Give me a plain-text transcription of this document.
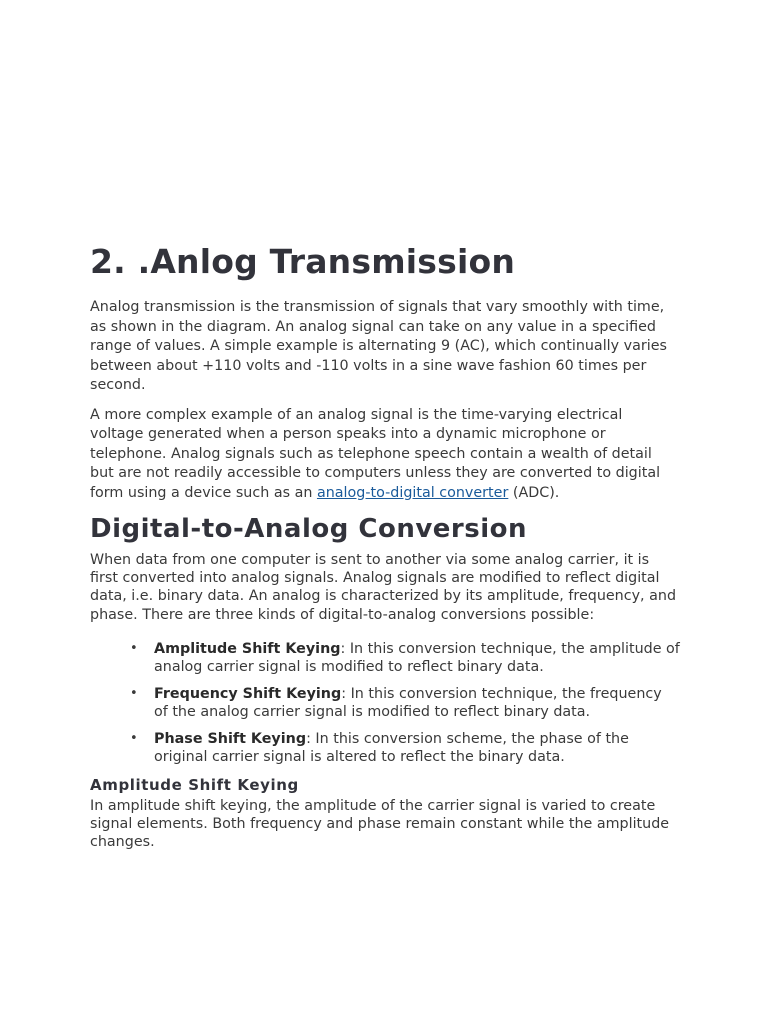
2. .Anlog Transmission

Analog transmission is the transmission of signals that vary smoothly with time, as shown in the diagram. An analog signal can take on any value in a specified range of values. A simple example is alternating 9 (AC), which continually varies between about +110 volts and -110 volts in a sine wave fashion 60 times per second.

A more complex example of an analog signal is the time-varying electrical voltage generated when a person speaks into a dynamic microphone or telephone. Analog signals such as telephone speech contain a wealth of detail but are not readily accessible to computers unless they are converted to digital form using a device such as an analog-to-digital converter (ADC).

Digital-to-Analog Conversion

When data from one computer is sent to another via some analog carrier, it is first converted into analog signals. Analog signals are modified to reflect digital data, i.e. binary data. An analog is characterized by its amplitude, frequency, and phase. There are three kinds of digital-to-analog conversions possible:

• Amplitude Shift Keying: In this conversion technique, the amplitude of analog carrier signal is modified to reflect binary data.
• Frequency Shift Keying: In this conversion technique, the frequency of the analog carrier signal is modified to reflect binary data.
• Phase Shift Keying: In this conversion scheme, the phase of the original carrier signal is altered to reflect the binary data.
Amplitude Shift Keying

In amplitude shift keying, the amplitude of the carrier signal is varied to create signal elements. Both frequency and phase remain constant while the amplitude changes.
